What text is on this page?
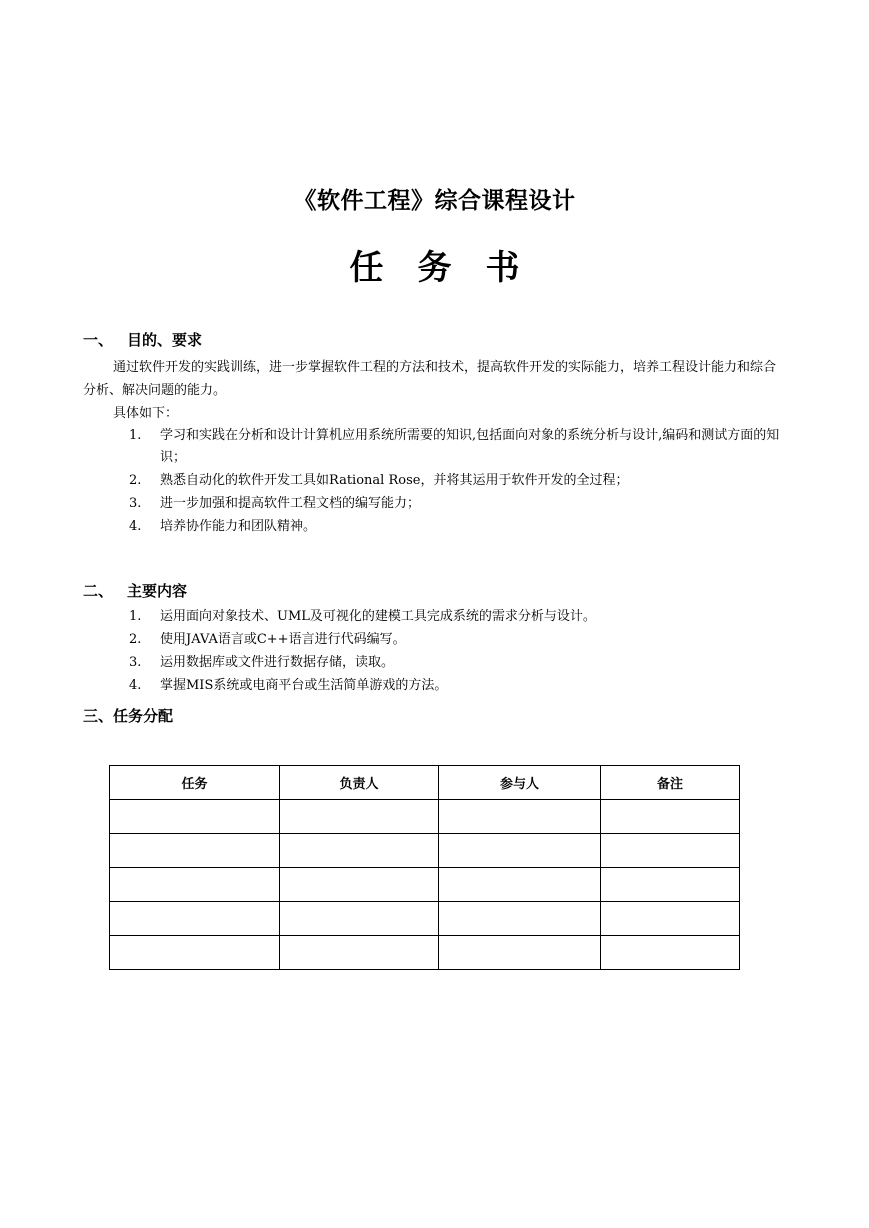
《软件工程》综合课程设计
任务书
一、 目的、要求
通过软件开发的实践训练，进一步掌握软件工程的方法和技术，提高软件开发的实际能力，培养工程设计能力和综合分析、解决问题的能力。
具体如下：
1.	学习和实践在分析和设计计算机应用系统所需要的知识,包括面向对象的系统分析与设计,编码和测试方面的知识；
2.	熟悉自动化的软件开发工具如Rational Rose，并将其运用于软件开发的全过程；
3.	进一步加强和提高软件工程文档的编写能力；
4.	培养协作能力和团队精神。
二、 主要内容
1.	运用面向对象技术、UML及可视化的建模工具完成系统的需求分析与设计。
2.	使用JAVA语言或C++语言进行代码编写。
3.	运用数据库或文件进行数据存储，读取。
4.	掌握MIS系统或电商平台或生活简单游戏的方法。
三、任务分配
任务	负责人	参与人	备注
